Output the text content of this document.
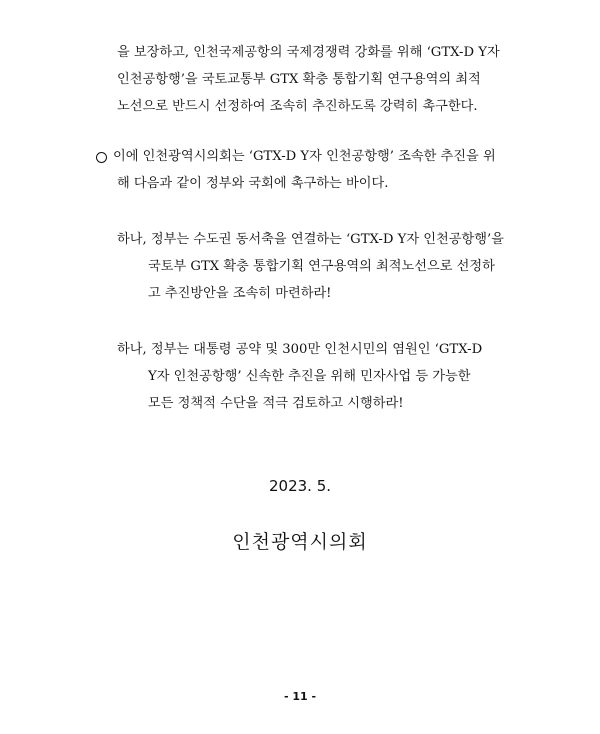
을 보장하고, 인천국제공항의 국제경쟁력 강화를 위해 ‘GTX-D Y자
인천공항행’을 국토교통부 GTX 확충 통합기획 연구용역의 최적
노선으로 반드시 선정하여 조속히 추진하도록 강력히 촉구한다.
이에 인천광역시의회는 ‘GTX-D Y자 인천공항행’ 조속한 추진을 위
해 다음과 같이 정부와 국회에 촉구하는 바이다.
하나, 정부는 수도권 동서축을 연결하는 ‘GTX-D Y자 인천공항행’을
국토부 GTX 확충 통합기획 연구용역의 최적노선으로 선정하
고 추진방안을 조속히 마련하라!
하나, 정부는 대통령 공약 및 300만 인천시민의 염원인 ‘GTX-D
Y자 인천공항행’ 신속한 추진을 위해 민자사업 등 가능한
모든 정책적 수단을 적극 검토하고 시행하라!
2023. 5.
인천광역시의회
- 11 -
